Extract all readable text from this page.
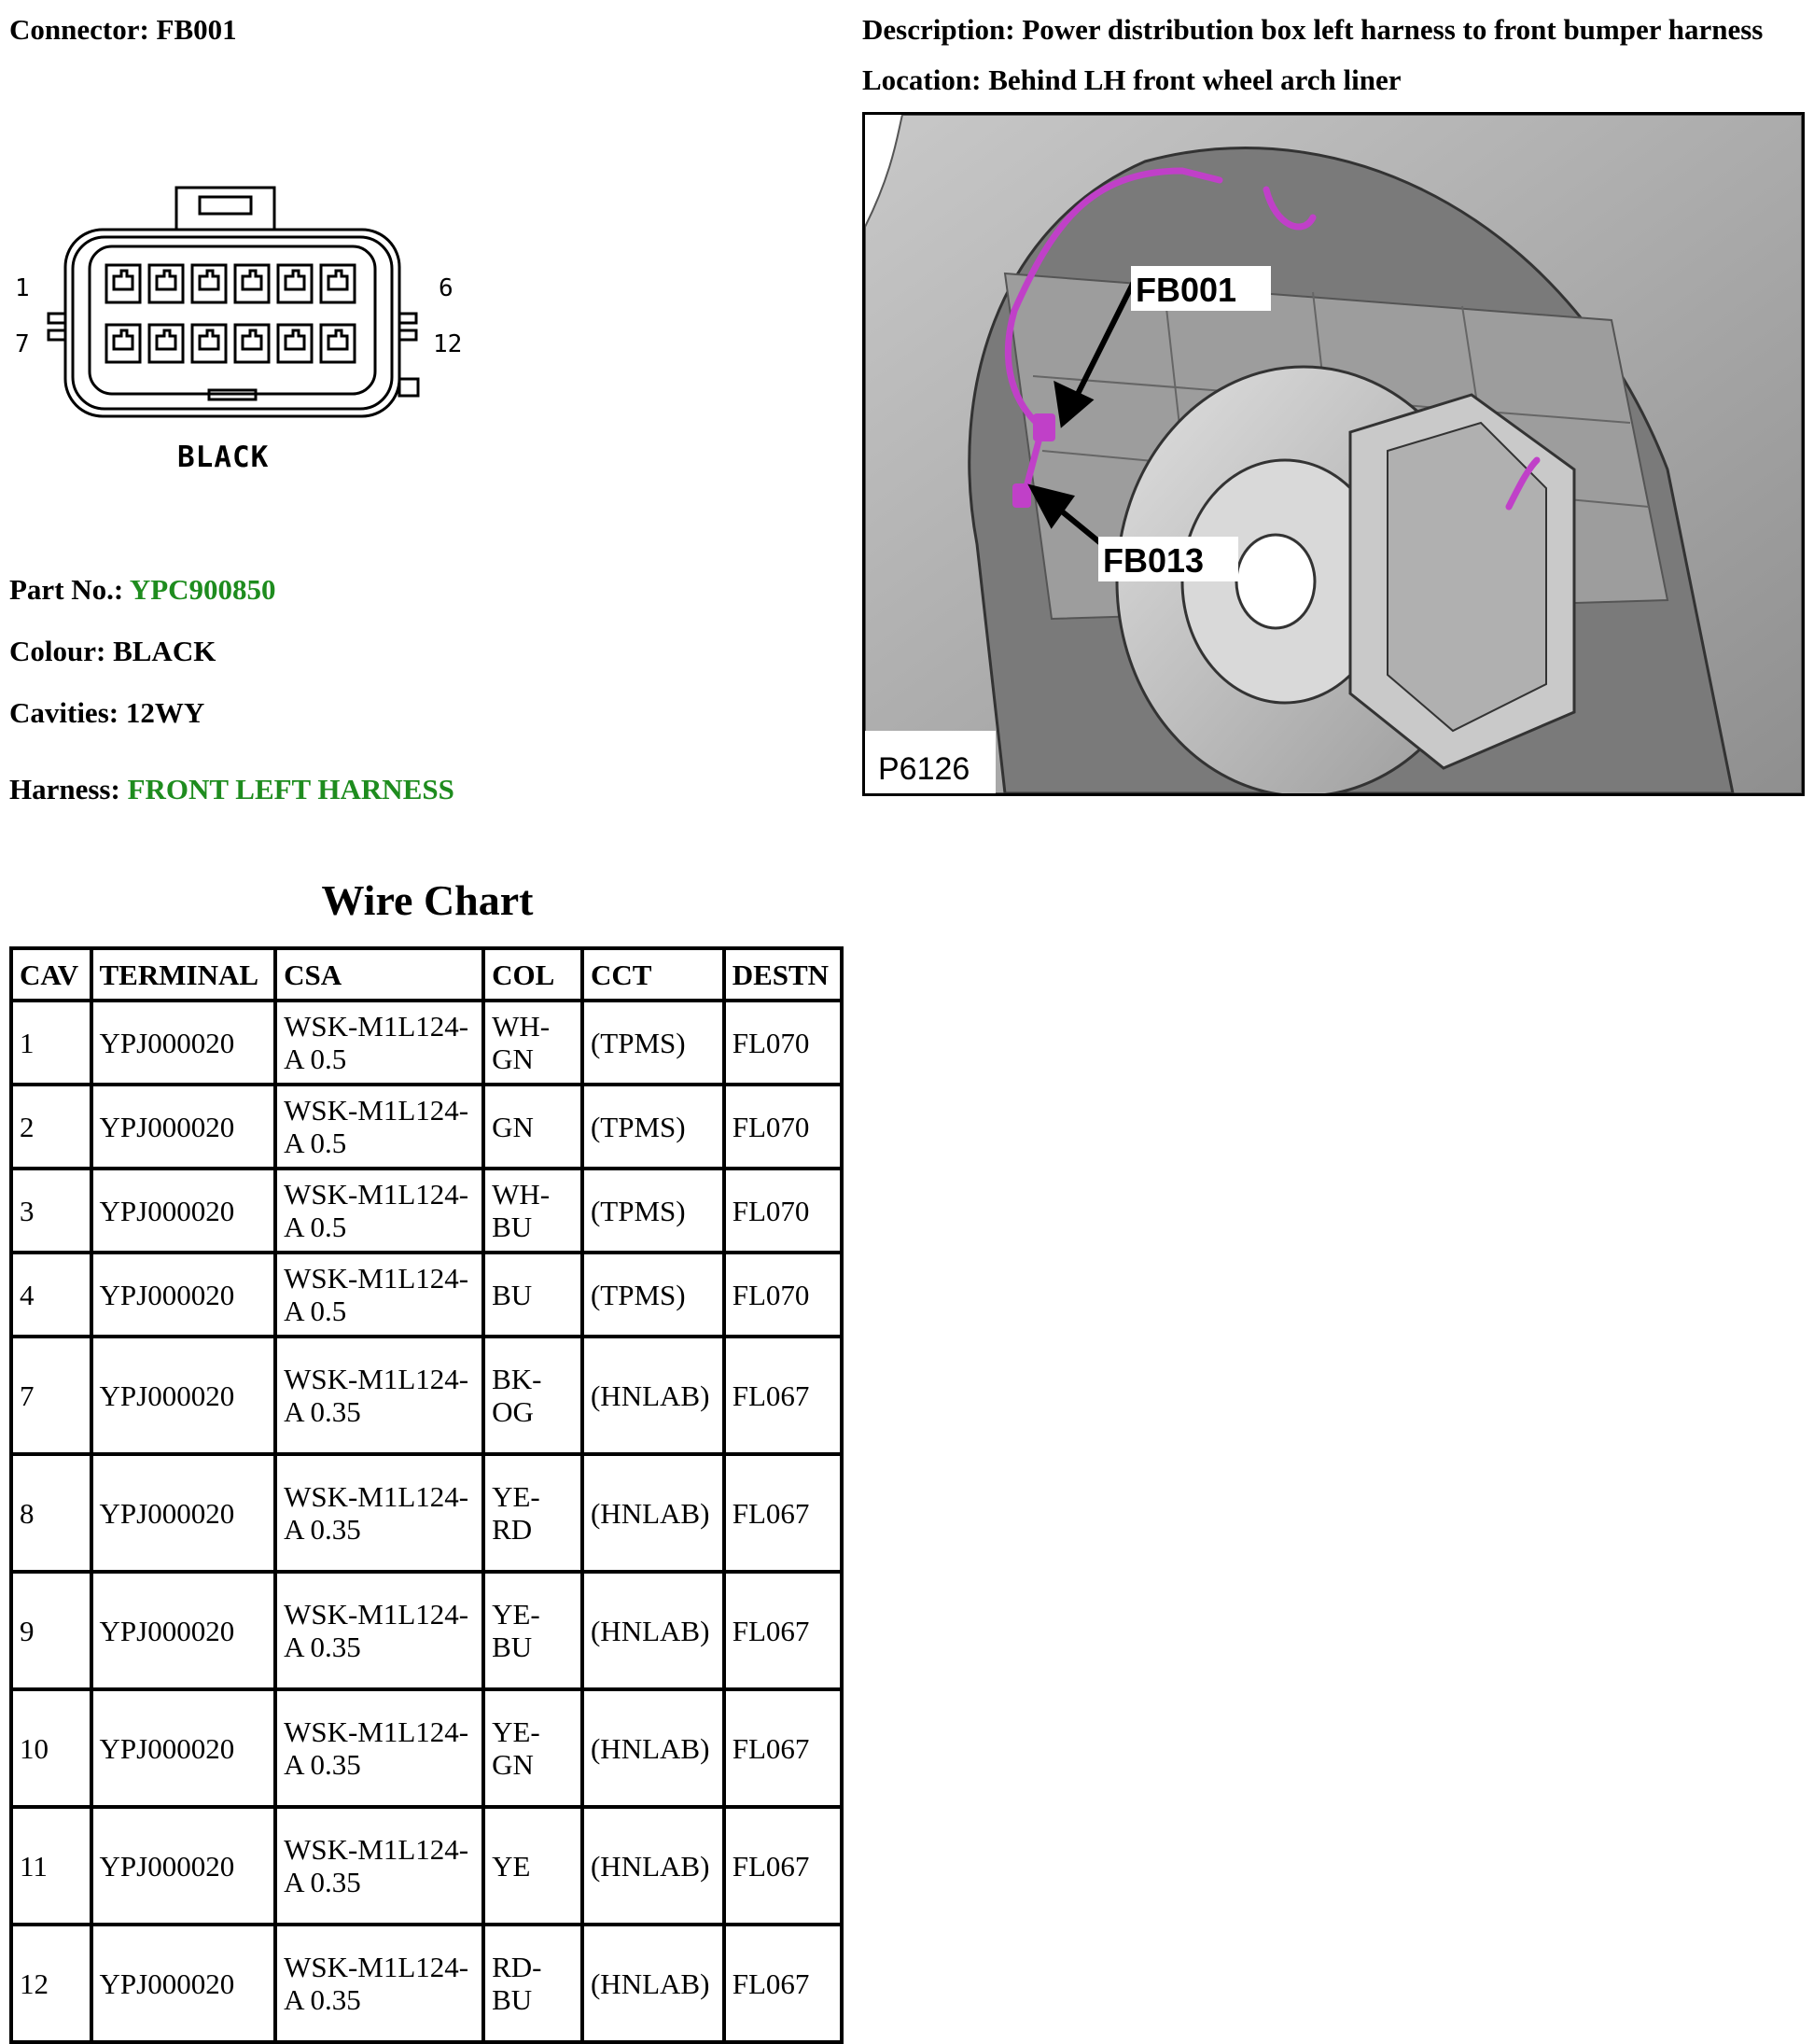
Connector: FB001	Description: Power distribution box left harness to front bumper harness
Location: Behind LH front wheel arch liner
1
7
6
12
BLACK
FB001
FB013
P6126
Part No.: YPC900850
Colour: BLACK
Cavities: 12WY
Harness: FRONT LEFT HARNESS
Wire Chart
CAV	TERMINAL	CSA	COL	CCT	DESTN
1	YPJ000020	WSK-M1L124-A 0.5	WH-GN	(TPMS)	FL070
2	YPJ000020	WSK-M1L124-A 0.5	GN	(TPMS)	FL070
3	YPJ000020	WSK-M1L124-A 0.5	WH-BU	(TPMS)	FL070
4	YPJ000020	WSK-M1L124-A 0.5	BU	(TPMS)	FL070
7	YPJ000020	WSK-M1L124-A 0.35	BK-OG	(HNLAB)	FL067
8	YPJ000020	WSK-M1L124-A 0.35	YE-RD	(HNLAB)	FL067
9	YPJ000020	WSK-M1L124-A 0.35	YE-BU	(HNLAB)	FL067
10	YPJ000020	WSK-M1L124-A 0.35	YE-GN	(HNLAB)	FL067
11	YPJ000020	WSK-M1L124-A 0.35	YE	(HNLAB)	FL067
12	YPJ000020	WSK-M1L124-A 0.35	RD-BU	(HNLAB)	FL067
